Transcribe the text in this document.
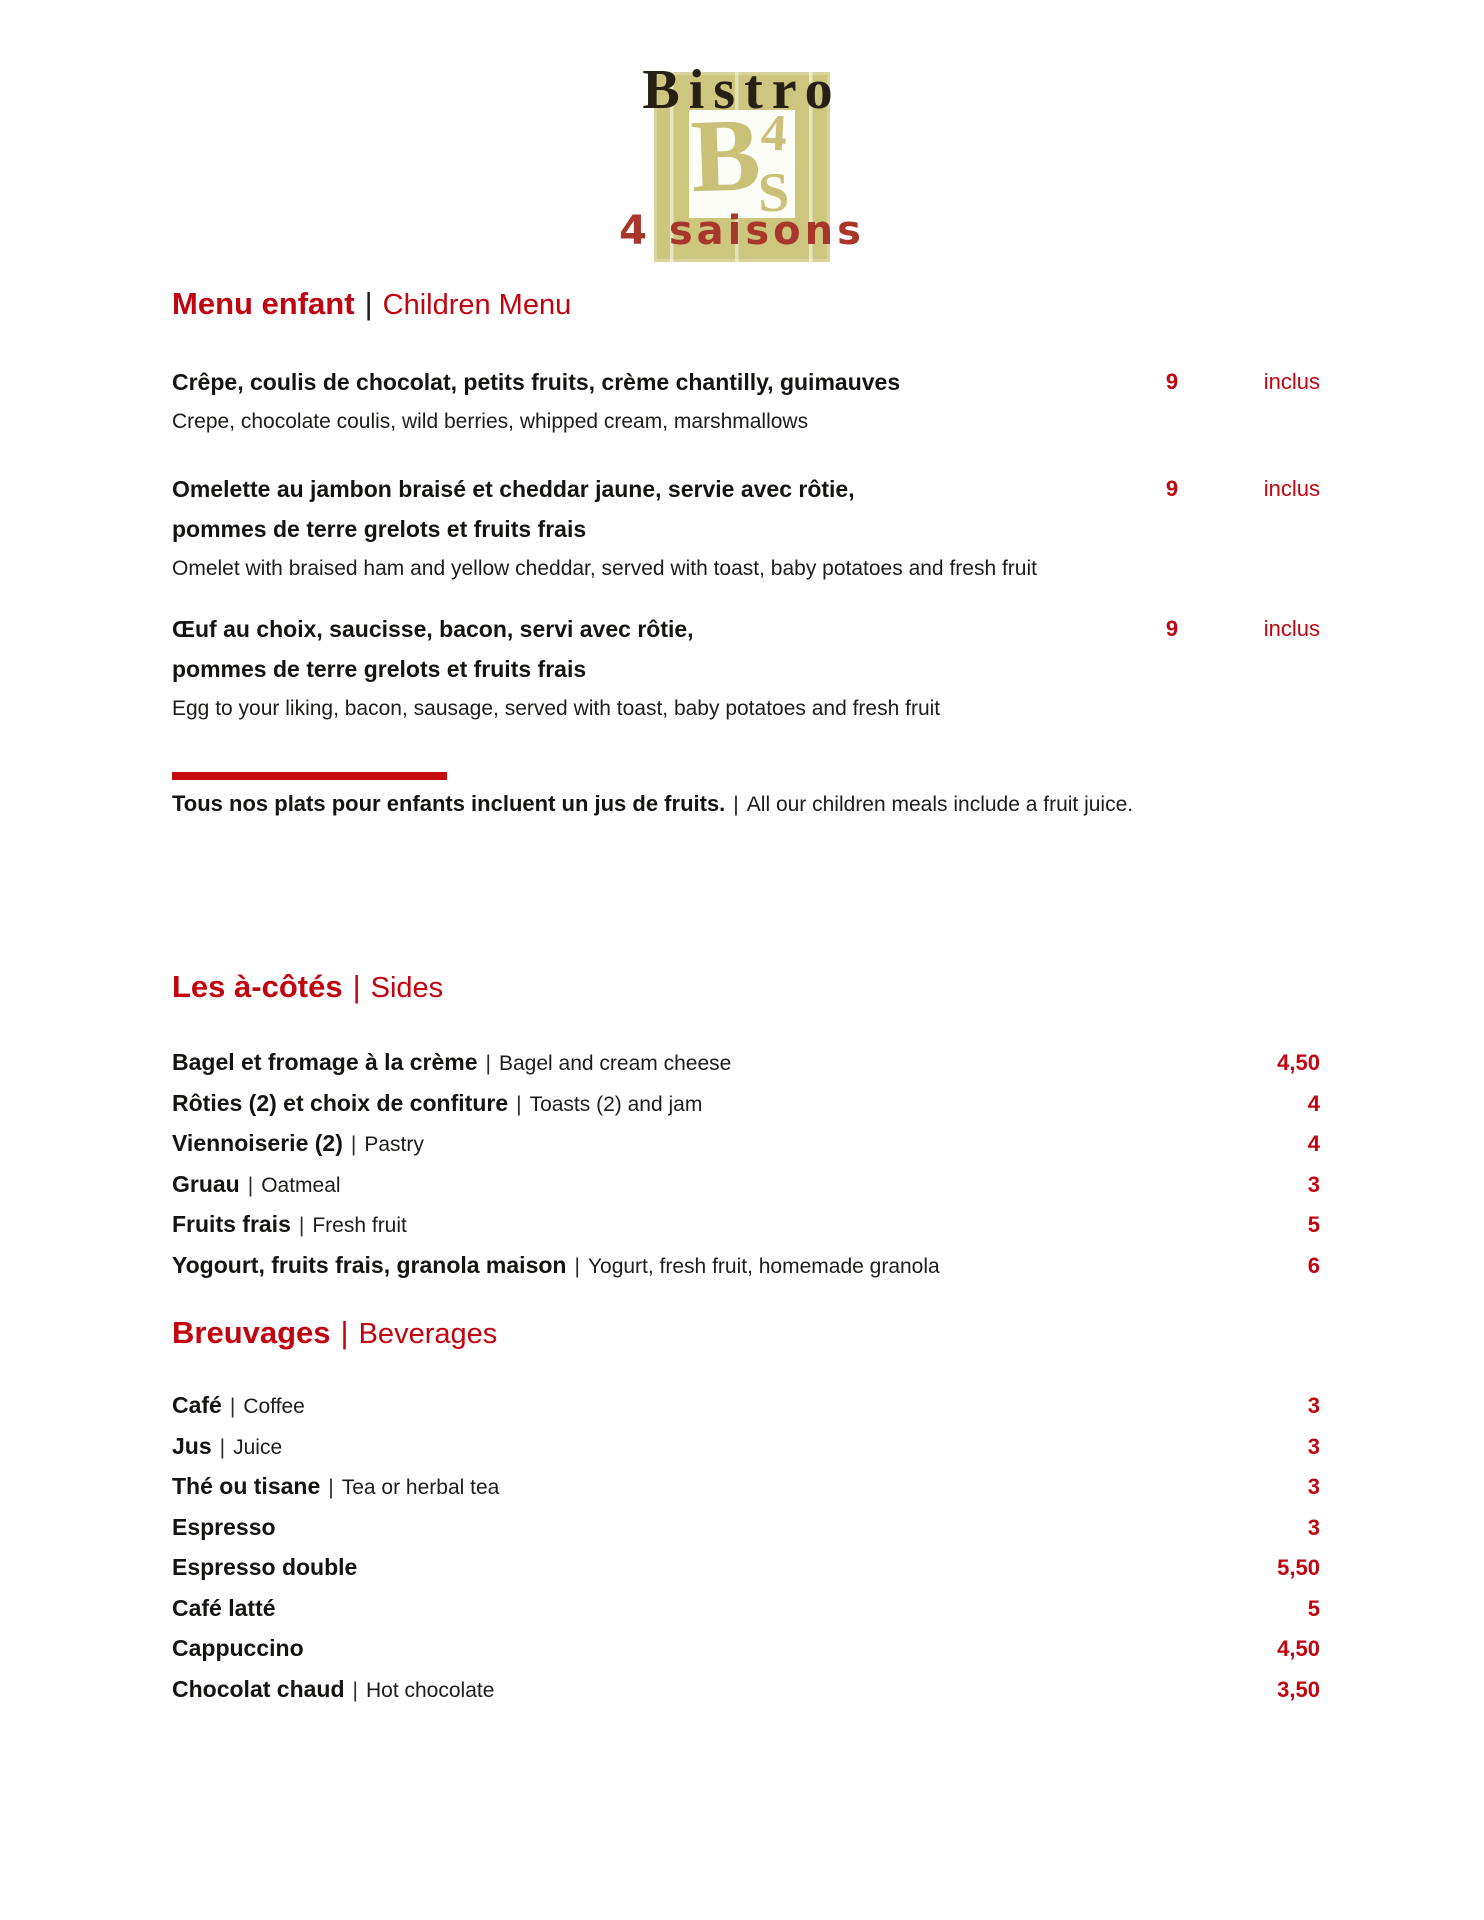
Bistro
B
4
S
4 saisons
Menu enfant | Children Menu
Crêpe, coulis de chocolat, petits fruits, crème chantilly, guimauves
Crepe, chocolate coulis, wild berries, whipped cream, marshmallows
9	inclus
Omelette au jambon braisé et cheddar jaune, servie avec rôtie,
pommes de terre grelots et fruits frais
Omelet with braised ham and yellow cheddar, served with toast, baby potatoes and fresh fruit
9	inclus
Œuf au choix, saucisse, bacon, servi avec rôtie,
pommes de terre grelots et fruits frais
Egg to your liking, bacon, sausage, served with toast, baby potatoes and fresh fruit
9	inclus
Tous nos plats pour enfants incluent un jus de fruits. | All our children meals include a fruit juice.
Les à-côtés | Sides
Bagel et fromage à la crème | Bagel and cream cheese	4,50
Rôties (2) et choix de confiture | Toasts (2) and jam	4
Viennoiserie (2) | Pastry	4
Gruau | Oatmeal	3
Fruits frais | Fresh fruit	5
Yogourt, fruits frais, granola maison | Yogurt, fresh fruit, homemade granola	6
Breuvages | Beverages
Café | Coffee	3
Jus | Juice	3
Thé ou tisane | Tea or herbal tea	3
Espresso	3
Espresso double	5,50
Café latté	5
Cappuccino	4,50
Chocolat chaud | Hot chocolate	3,50
